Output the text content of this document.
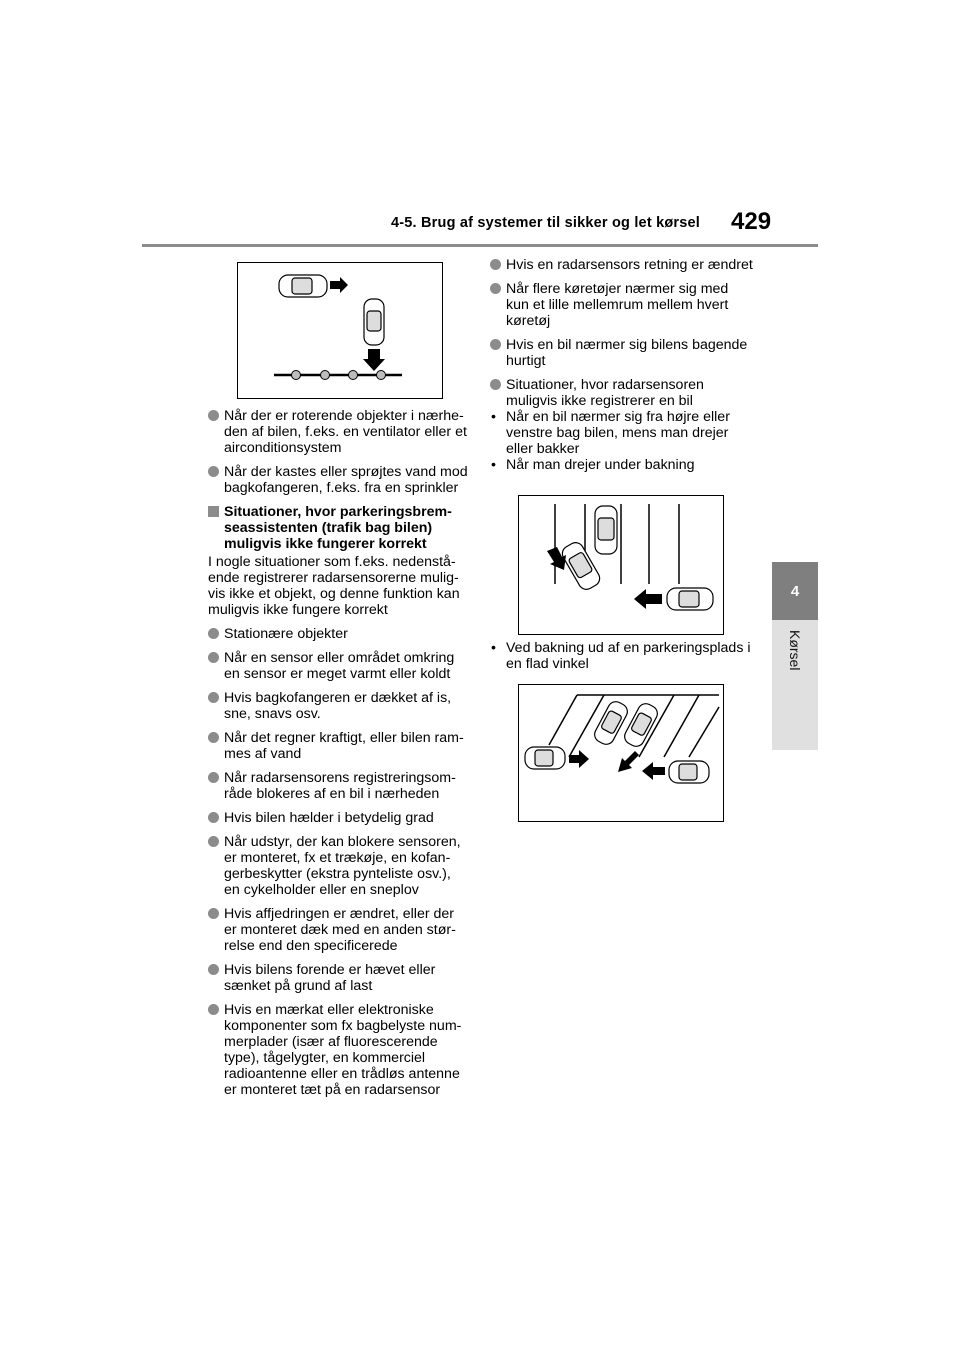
4-5. Brug af systemer til sikker og let kørsel 429
4
Kørsel
Når der er roterende objekter i nærhe-den af bilen, f.eks. en ventilator eller et airconditionsystem
Når der kastes eller sprøjtes vand mod bagkofangeren, f.eks. fra en sprinkler
Situationer, hvor parkeringsbrem-seassistenten (trafik bag bilen) muligvis ikke fungerer korrekt
I nogle situationer som f.eks. nedenstå-ende registrerer radarsensorerne mulig-vis ikke et objekt, og denne funktion kan muligvis ikke fungere korrekt
Stationære objekter
Når en sensor eller området omkring en sensor er meget varmt eller koldt
Hvis bagkofangeren er dækket af is, sne, snavs osv.
Når det regner kraftigt, eller bilen ram-mes af vand
Når radarsensorens registreringsom-råde blokeres af en bil i nærheden
Hvis bilen hælder i betydelig grad
Når udstyr, der kan blokere sensoren, er monteret, fx et trækøje, en kofan-gerbeskytter (ekstra pynteliste osv.), en cykelholder eller en sneplov
Hvis affjedringen er ændret, eller der er monteret dæk med en anden stør-relse end den specificerede
Hvis bilens forende er hævet eller sænket på grund af last
Hvis en mærkat eller elektroniske komponenter som fx bagbelyste num-merplader (især af fluorescerende type), tågelygter, en kommerciel radioantenne eller en trådløs antenne er monteret tæt på en radarsensor
Hvis en radarsensors retning er ændret
Når flere køretøjer nærmer sig med kun et lille mellemrum mellem hvert køretøj
Hvis en bil nærmer sig bilens bagende hurtigt
Situationer, hvor radarsensoren muligvis ikke registrerer en bil
• Når en bil nærmer sig fra højre eller venstre bag bilen, mens man drejer eller bakker
• Når man drejer under bakning
• Ved bakning ud af en parkeringsplads i en flad vinkel
